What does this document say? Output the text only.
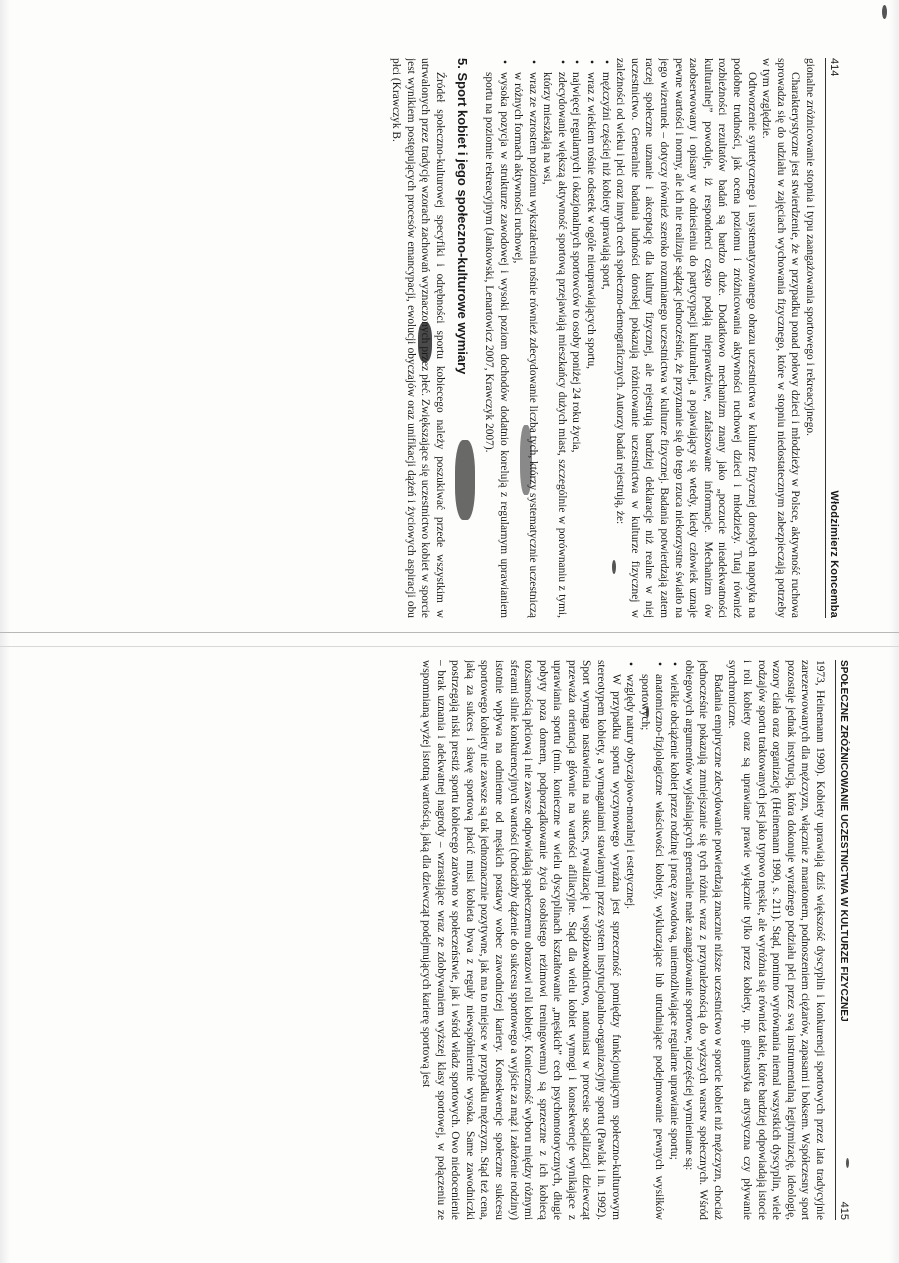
414
Włodzimierz Koncemba

gionalne zróżnicowanie stopnia i typu zaangażowania sportowego i rekreacyjnego.

Charakterystyczne jest stwierdzenie, że w przypadku ponad połowy dzieci i młodzieży w Polsce, aktywność ruchowa sprowadza się do udziału w zajęciach wychowania fizycznego, które w stopniu niedostatecznym zabezpieczają potrzeby w tym względzie.

Odtworzenie syntetycznego i usystematyzowanego obrazu uczestnictwa w kulturze fizycznej dorosłych napotyka na podobne trudności, jak ocena poziomu i zróżnicowania aktywności ruchowej dzieci i młodzieży. Tutaj również rozbieżności rezultatów badań są bardzo duże. Dodatkowo mechanizm znany jako „poczucie nieadekwatności kulturalnej” powoduje, iż respondenci często podają nieprawdziwe, zafałszowane informacje. Mechanizm ów zaobserwowany i opisany w odniesieniu do partycypacji kulturalnej, a pojawiający się wtedy, kiedy człowiek uznaje pewne wartości i normy, ale ich nie realizuje sądząc jednocześnie, że przyznanie się do tego rzuca niekorzystne światło na jego wizerunek – dotyczy również szeroko rozumianego uczestnictwa w kulturze fizycznej. Badania potwierdzają zatem raczej społeczne uznanie i akceptację dla kultury fizycznej, ale rejestrują bardziej deklaracje niż realne w niej uczestnictwo. Generalnie badania ludności dorosłej pokazują różnicowanie uczestnictwa w kulturze fizycznej w zależności od wieku i płci oraz innych cech społeczno-demograficznych. Autorzy badań rejestrują, że:

• mężczyźni częściej niż kobiety uprawiają sport,
• wraz z wiekiem rośnie odsetek w ogóle nieuprawiających sportu,
• najwięcej regularnych i okazjonalnych sportowców to osoby poniżej 24 roku życia,
• zdecydowanie większą aktywność sportową przejawiają mieszkańcy dużych miast, szczególnie w porównaniu z tymi, którzy mieszkają na wsi,
• wraz ze wzrostem poziomu wykształcenia rośnie również zdecydowanie liczba tych, którzy systematycznie uczestniczą w różnych formach aktywności ruchowej,
• wysoka pozycja w strukturze zawodowej i wysoki poziom dochodów dodatnio korelują z regularnym uprawianiem sportu na poziomie rekreacyjnym (Jankowski, Lenartowicz 2007, Krawczyk 2007).
5. Sport kobiet i jego społeczno-kulturowe wymiary

Źródeł społeczno-kulturowej specyfiki i odrębności sportu kobiecego należy poszukiwać przede wszystkim w utrwalonych przez tradycję wzorach zachowań wyznaczonych przez płeć. Zwiększające się uczestnictwo kobiet w sporcie jest wynikiem postępujących procesów emancypacji, ewolucji obyczajów oraz unifikacji dążeń i życiowych aspiracji obu płci (Krawczyk B.

SPOŁECZNE ZRÓŻNICOWANIE UCZESTNICTWA W KULTURZE FIZYCZNEJ
415

1973, Heinemann 1990). Kobiety uprawiają dziś większość dyscyplin i konkurencji sportowych przez lata tradycyjnie zarezerwowanych dla mężczyzn, włącznie z maratonem, podnoszeniem ciężarów, zapasami i boksem. Współczesny sport pozostaje jednak instytucją, która dokonuje wyraźnego podziału płci przez swą instrumentalną legitymizację, ideologię, wzory ciała oraz organizację (Heinemann 1990, s. 211). Stąd, pomimo wyrównania niemal wszystkich dyscyplin, wiele rodzajów sportu traktowanych jest jako typowo męskie, ale wyróżnia się również takie, które bardziej odpowiadają istocie i roli kobiety oraz są uprawiane prawie wyłącznie tylko przez kobiety, np. gimnastyka artystyczna czy pływanie synchroniczne.

Badania empiryczne zdecydowanie potwierdzają znacznie niższe uczestnictwo w sporcie kobiet niż mężczyzn, chociaż jednocześnie pokazują zmniejszanie się tych różnic wraz z przynależnością do wyższych warstw społecznych. Wśród obiegowych argumentów wyjaśniających generalnie małe zaangażowanie sportowe, najczęściej wymieniane są:

• wielkie obciążenie kobiet przez rodzinę i pracę zawodową, uniemożliwiające regularne uprawianie sportu;
• anatomiczno-fizjologiczne właściwości kobiety, wykluczające lub utrudniające podejmowanie pewnych wysiłków sportowych;
• względy natury obyczajowo-moralnej i estetycznej.

W przypadku sportu wyczynowego wyraźna jest sprzeczność pomiędzy funkcjonującym społeczno-kulturowym stereotypem kobiety, a wymaganiami stawianymi przez system instytucjonalno-organizacyjny sportu (Pawlak i in. 1992). Sport wymaga nastawienia na sukces, rywalizację i współzawodnictwo, natomiast w procesie socjalizacji dziewcząt przeważa orientacja głównie na wartości afiliacyjne. Stąd dla wielu kobiet wymogi i konsekwencje wynikające z uprawiania sportu (min. konieczne w wielu dyscyplinach kształtowanie „męskich” cech psychomotorycznych, długie pobyty poza domem, podporządkowanie życia osobistego reżimowi treningowemu) są sprzeczne z ich kobiecą tożsamością płciową i nie zawsze odpowiadają społecznemu obrazowi roli kobiety. Konieczność wyboru między różnymi sferami silnie konkurencyjnych wartości (chociażby dążenie do sukcesu sportowego a wyjście za mąż i założenie rodziny) istotnie wpływa na odmienne od męskich postawy wobec zawodniczej kariery. Konsekwencje społeczne sukcesu sportowego kobiety nie zawsze są tak jednoznacznie pozytywne, jak ma to miejsce w przypadku mężczyzn. Stąd też cena, jaką za sukces i sławę sportową płacić musi kobieta bywa z reguły niewspółmiernie wysoka. Same zawodniczki postrzegają niski prestiż sportu kobiecego zarówno w społeczeństwie, jak i wśród władz sportowych. Owo niedocenienie – brak uznania i adekwatnej nagrody – wzrastające wraz ze zdobywaniem wyższej klasy sportowej, w połączeniu ze wspomnianą wyżej istotną wartością, jaką dla dziewcząt podejmujących karierę sportową jest
